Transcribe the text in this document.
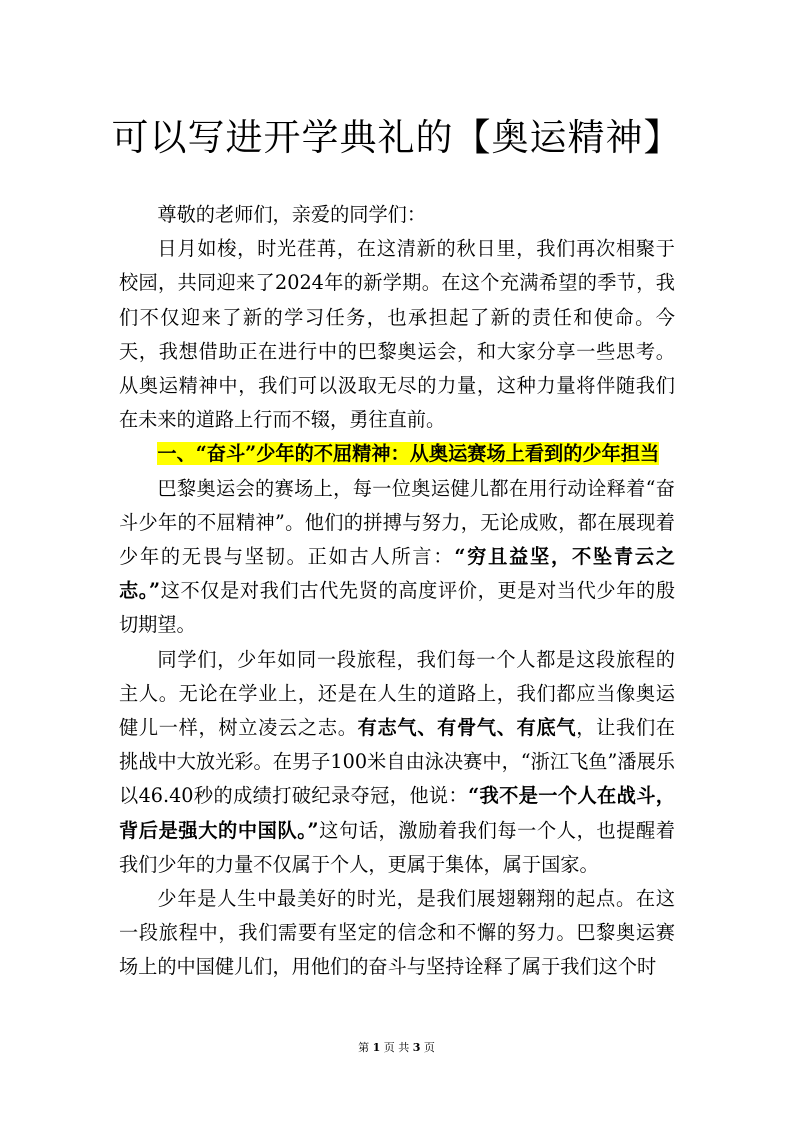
可以写进开学典礼的【奥运精神】

尊敬的老师们，亲爱的同学们：

日月如梭，时光荏苒，在这清新的秋日里，我们再次相聚于校园，共同迎来了2024年的新学期。在这个充满希望的季节，我们不仅迎来了新的学习任务，也承担起了新的责任和使命。今天，我想借助正在进行中的巴黎奥运会，和大家分享一些思考。从奥运精神中，我们可以汲取无尽的力量，这种力量将伴随我们在未来的道路上行而不辍，勇往直前。

一、“奋斗”少年的不屈精神：从奥运赛场上看到的少年担当

巴黎奥运会的赛场上，每一位奥运健儿都在用行动诠释着“奋斗少年的不屈精神”。他们的拼搏与努力，无论成败，都在展现着少年的无畏与坚韧。正如古人所言：“穷且益坚，不坠青云之志。”这不仅是对我们古代先贤的高度评价，更是对当代少年的殷切期望。

同学们，少年如同一段旅程，我们每一个人都是这段旅程的主人。无论在学业上，还是在人生的道路上，我们都应当像奥运健儿一样，树立凌云之志。有志气、有骨气、有底气，让我们在挑战中大放光彩。在男子100米自由泳决赛中，“浙江飞鱼”潘展乐以46.40秒的成绩打破纪录夺冠，他说：“我不是一个人在战斗，背后是强大的中国队。”这句话，激励着我们每一个人，也提醒着我们少年的力量不仅属于个人，更属于集体，属于国家。

少年是人生中最美好的时光，是我们展翅翱翔的起点。在这一段旅程中，我们需要有坚定的信念和不懈的努力。巴黎奥运赛场上的中国健儿们，用他们的奋斗与坚持诠释了属于我们这个时

第 1 页 共 3 页
